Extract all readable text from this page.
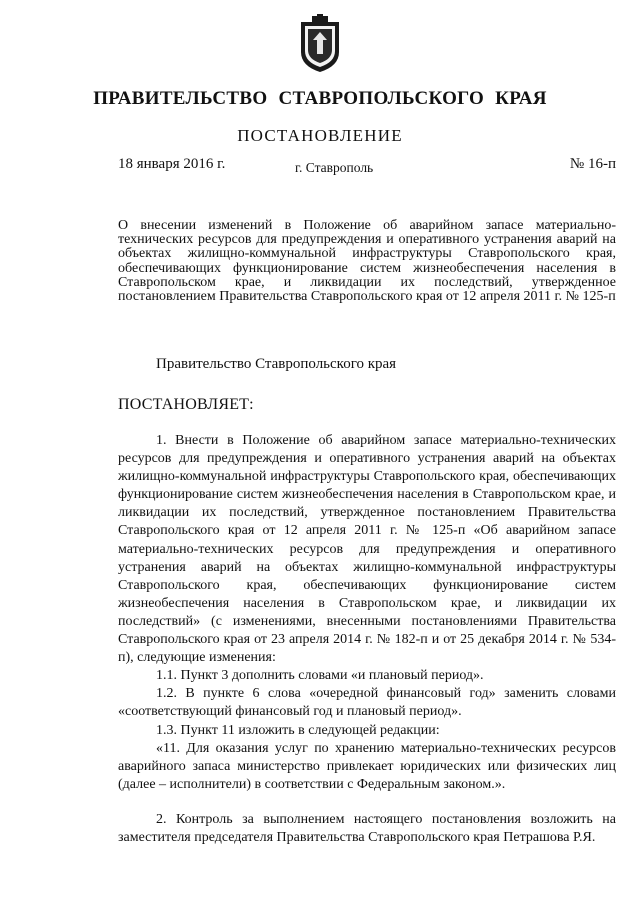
ПРАВИТЕЛЬСТВО СТАВРОПОЛЬСКОГО КРАЯ
ПОСТАНОВЛЕНИЕ
18 января 2016 г.	г. Ставрополь	№ 16-п
О внесении изменений в Положение об аварийном запасе материально-технических ресурсов для предупреждения и оперативного устранения аварий на объектах жилищно-коммунальной инфраструктуры Ставропольского края, обеспечивающих функционирование систем жизнеобеспечения населения в Ставропольском крае, и ликвидации их последствий, утвержденное постановлением Правительства Ставропольского края от 12 апреля 2011 г. № 125-п
Правительство Ставропольского края
ПОСТАНОВЛЯЕТ:

1. Внести в Положение об аварийном запасе материально-технических ресурсов для предупреждения и оперативного устранения аварий на объектах жилищно-коммунальной инфраструктуры Ставропольского края, обеспечивающих функционирование систем жизнеобеспечения населения в Ставропольском крае, и ликвидации их последствий, утвержденное постановлением Правительства Ставропольского края от 12 апреля 2011 г. № 125-п «Об аварийном запасе материально-технических ресурсов для предупреждения и оперативного устранения аварий на объектах жилищно-коммунальной инфраструктуры Ставропольского края, обеспечивающих функционирование систем жизнеобеспечения населения в Ставропольском крае, и ликвидации их последствий» (с изменениями, внесенными постановлениями Правительства Ставропольского края от 23 апреля 2014 г. № 182-п и от 25 декабря 2014 г. № 534-п), следующие изменения:

1.1. Пункт 3 дополнить словами «и плановый период».

1.2. В пункте 6 слова «очередной финансовый год» заменить словами «соответствующий финансовый год и плановый период».

1.3. Пункт 11 изложить в следующей редакции:

«11. Для оказания услуг по хранению материально-технических ресурсов аварийного запаса министерство привлекает юридических или физических лиц (далее – исполнители) в соответствии с Федеральным законом.».

2. Контроль за выполнением настоящего постановления возложить на заместителя председателя Правительства Ставропольского края Петрашова Р.Я.
